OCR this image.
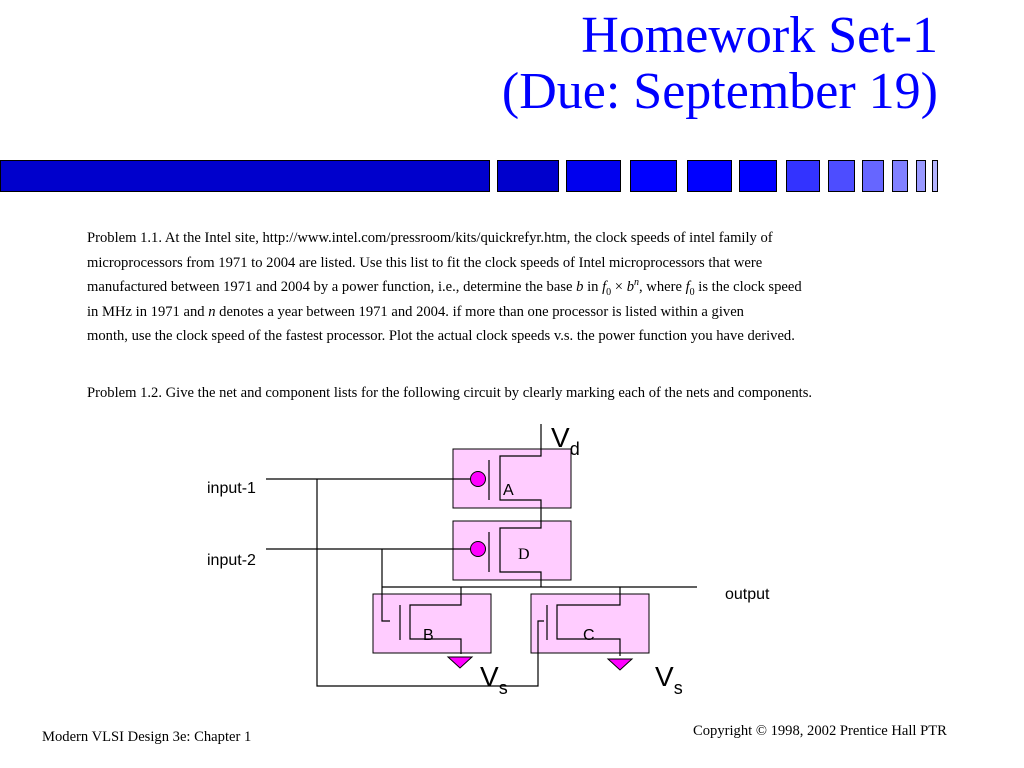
Homework Set-1
(Due: September 19)
Problem 1.1. At the Intel site, http://www.intel.com/pressroom/kits/quickrefyr.htm, the clock speeds of intel family of
microprocessors from 1971 to 2004 are listed. Use this list to fit the clock speeds of Intel microprocessors that were
manufactured between 1971 and 2004 by a power function, i.e., determine the base b in $f_0 \times b^n$, where $f_0$ is the clock speed
in MHz in 1971 and n denotes a year between 1971 and 2004. if more than one processor is listed within a given
month, use the clock speed of the fastest processor. Plot the actual clock speeds v.s. the power function you have derived.
Problem 1.2. Give the net and component lists for the following circuit by clearly marking each of the nets and components.
$V_d$
input-1
input-2
output
A
D
B	C
$V_s$	$V_s$
Modern VLSI Design 3e: Chapter 1	Copyright © 1998, 2002 Prentice Hall PTR
